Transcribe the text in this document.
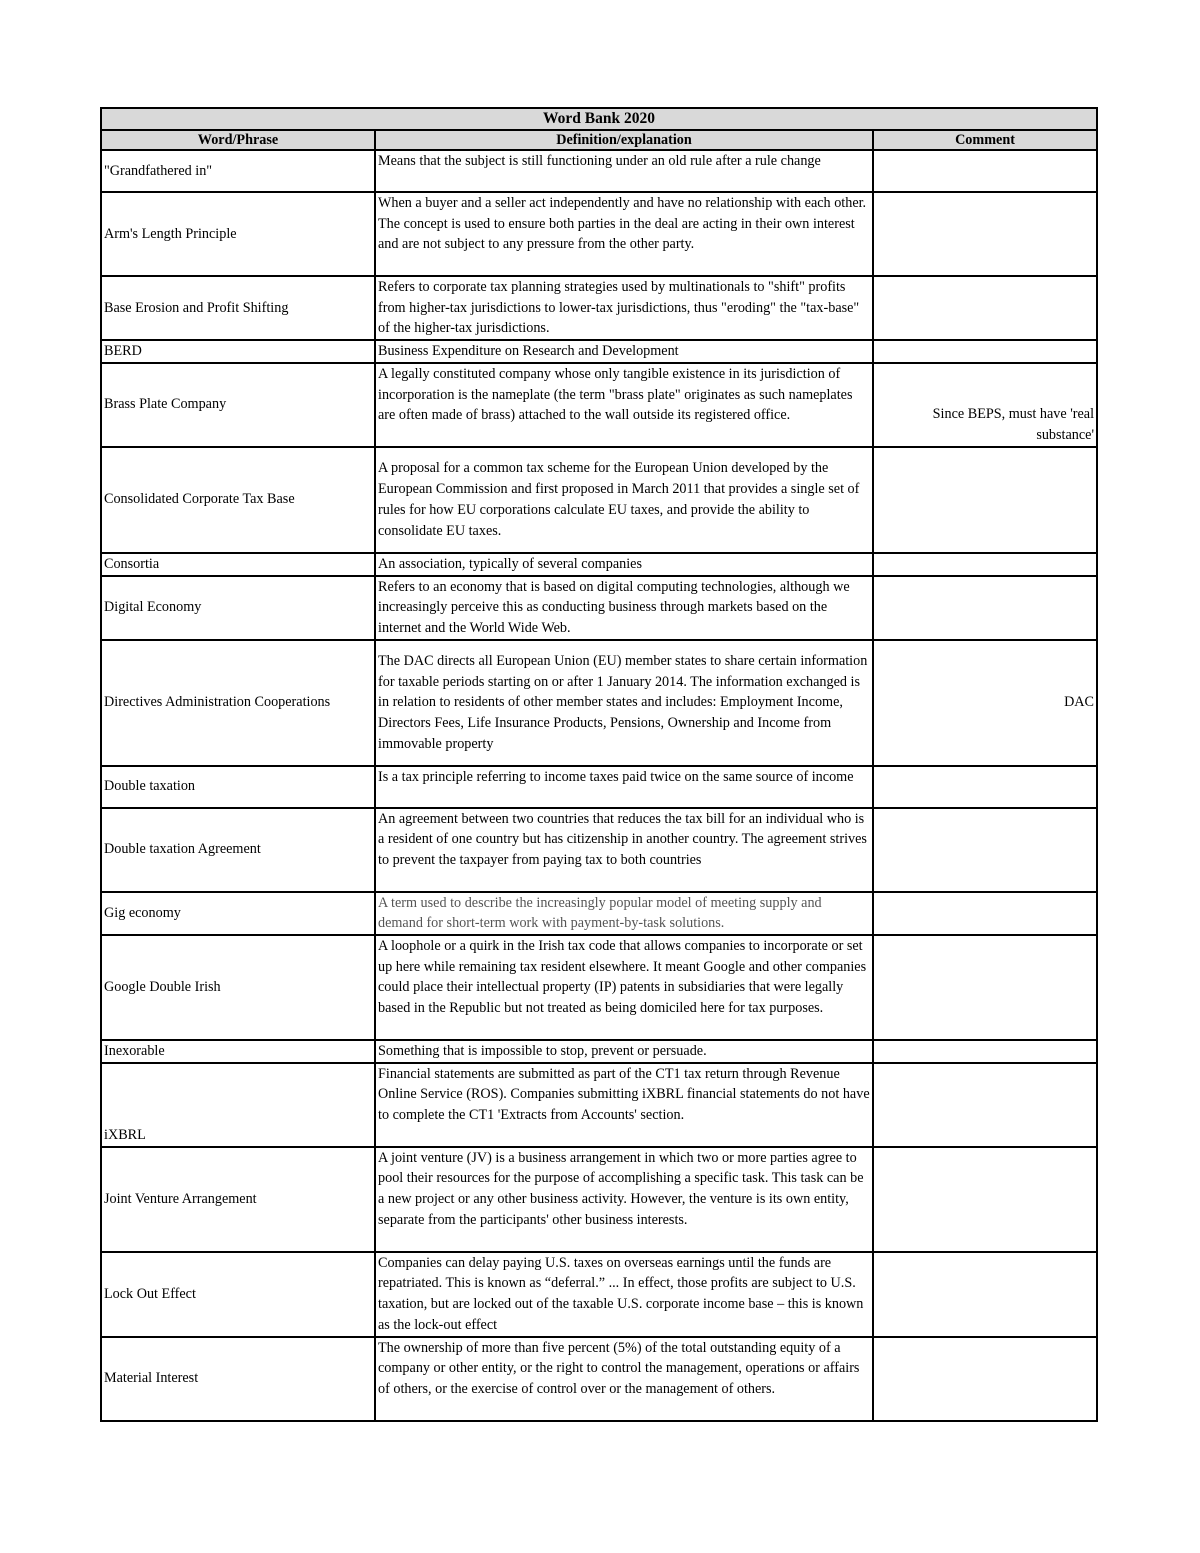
Word Bank 2020		
Word/Phrase	Definition/explanation	Comment
"Grandfathered in"	Means that the subject is still functioning under an old rule after a rule change	
Arm's Length Principle	When a buyer and a seller act independently and have no relationship with each other. The concept is used to ensure both parties in the deal are acting in their own interest and are not subject to any pressure from the other party.	
Base Erosion and Profit Shifting	Refers to corporate tax planning strategies used by multinationals to "shift" profits from higher-tax jurisdictions to lower-tax jurisdictions, thus "eroding" the "tax-base" of the higher-tax jurisdictions.	
BERD	Business Expenditure on Research and Development	
Brass Plate Company	A legally constituted company whose only tangible existence in its jurisdiction of incorporation is the nameplate (the term "brass plate" originates as such nameplates are often made of brass) attached to the wall outside its registered office.	Since BEPS, must have 'real substance'
Consolidated Corporate Tax Base	A proposal for a common tax scheme for the European Union developed by the European Commission and first proposed in March 2011 that provides a single set of rules for how EU corporations calculate EU taxes, and provide the ability to consolidate EU taxes.	
Consortia	An association, typically of several companies	
Digital Economy	Refers to an economy that is based on digital computing technologies, although we increasingly perceive this as conducting business through markets based on the internet and the World Wide Web.	
Directives Administration Cooperations	The DAC directs all European Union (EU) member states to share certain information for taxable periods starting on or after 1 January 2014. The information exchanged is in relation to residents of other member states and includes: Employment Income, Directors Fees, Life Insurance Products, Pensions, Ownership and Income from immovable property	DAC
Double taxation	Is a tax principle referring to income taxes paid twice on the same source of income	
Double taxation Agreement	An agreement between two countries that reduces the tax bill for an individual who is a resident of one country but has citizenship in another country. The agreement strives to prevent the taxpayer from paying tax to both countries	
Gig economy	A term used to describe the increasingly popular model of meeting supply and demand for short-term work with payment-by-task solutions.	
Google Double Irish	A loophole or a quirk in the Irish tax code that allows companies to incorporate or set up here while remaining tax resident elsewhere. It meant Google and other companies could place their intellectual property (IP) patents in subsidiaries that were legally based in the Republic but not treated as being domiciled here for tax purposes.	
Inexorable	Something that is impossible to stop, prevent or persuade.	
iXBRL	Financial statements are submitted as part of the CT1 tax return through Revenue Online Service (ROS). Companies submitting iXBRL financial statements do not have to complete the CT1 'Extracts from Accounts' section.	
Joint Venture Arrangement	A joint venture (JV) is a business arrangement in which two or more parties agree to pool their resources for the purpose of accomplishing a specific task. This task can be a new project or any other business activity. However, the venture is its own entity, separate from the participants' other business interests.	
Lock Out Effect	Companies can delay paying U.S. taxes on overseas earnings until the funds are repatriated. This is known as “deferral.” ... In effect, those profits are subject to U.S. taxation, but are locked out of the taxable U.S. corporate income base – this is known as the lock-out effect	
Material Interest	The ownership of more than five percent (5%) of the total outstanding equity of a company or other entity, or the right to control the management, operations or affairs of others, or the exercise of control over or the management of others.	
